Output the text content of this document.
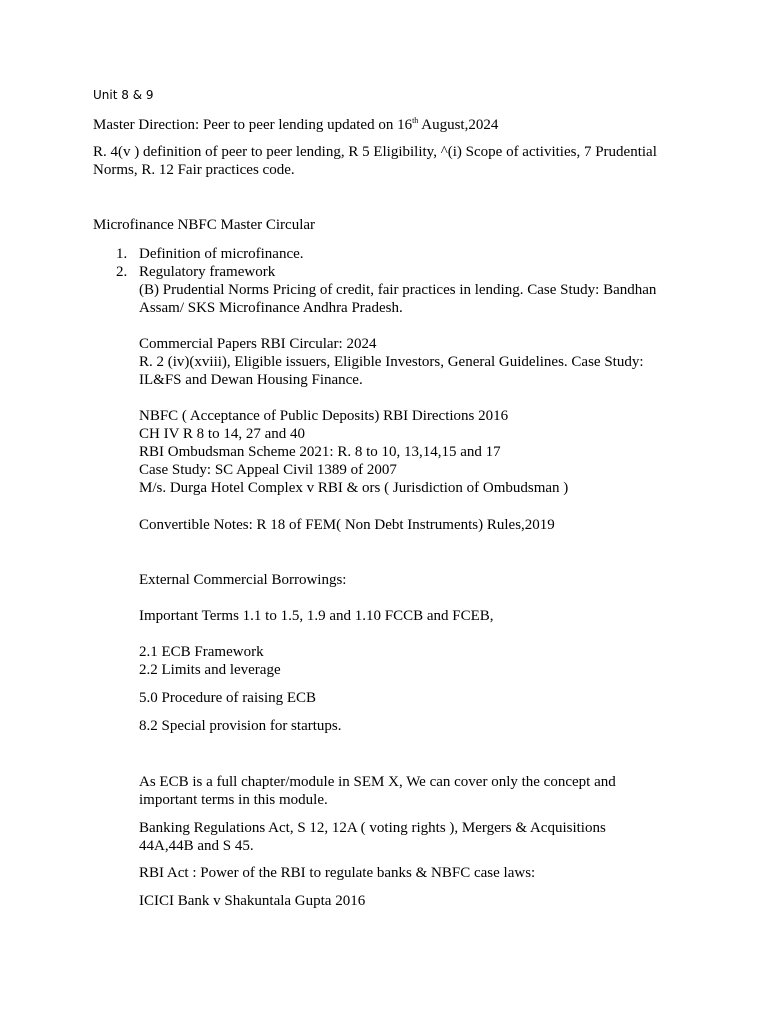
Unit 8 & 9
Master Direction: Peer to peer lending updated on 16th August,2024
R. 4(v ) definition of peer to peer lending, R 5 Eligibility, ^(i) Scope of activities, 7 Prudential
Norms, R. 12 Fair practices code.
Microfinance NBFC Master Circular
1. Definition of microfinance.
2. Regulatory framework
(B) Prudential Norms Pricing of credit, fair practices in lending. Case Study: Bandhan
Assam/ SKS Microfinance Andhra Pradesh.
Commercial Papers RBI Circular: 2024
R. 2 (iv)(xviii), Eligible issuers, Eligible Investors, General Guidelines. Case Study:
IL&FS and Dewan Housing Finance.
NBFC ( Acceptance of Public Deposits) RBI Directions 2016
CH IV R 8 to 14, 27 and 40
RBI Ombudsman Scheme 2021: R. 8 to 10, 13,14,15 and 17
Case Study: SC Appeal Civil 1389 of 2007
M/s. Durga Hotel Complex v RBI & ors ( Jurisdiction of Ombudsman )
Convertible Notes: R 18 of FEM( Non Debt Instruments) Rules,2019
External Commercial Borrowings:
Important Terms 1.1 to 1.5, 1.9 and 1.10 FCCB and FCEB,
2.1 ECB Framework
2.2 Limits and leverage
5.0 Procedure of raising ECB
8.2 Special provision for startups.
As ECB is a full chapter/module in SEM X, We can cover only the concept and
important terms in this module.
Banking Regulations Act, S 12, 12A ( voting rights ), Mergers & Acquisitions
44A,44B and S 45.
RBI Act : Power of the RBI to regulate banks & NBFC case laws:
ICICI Bank v Shakuntala Gupta 2016
